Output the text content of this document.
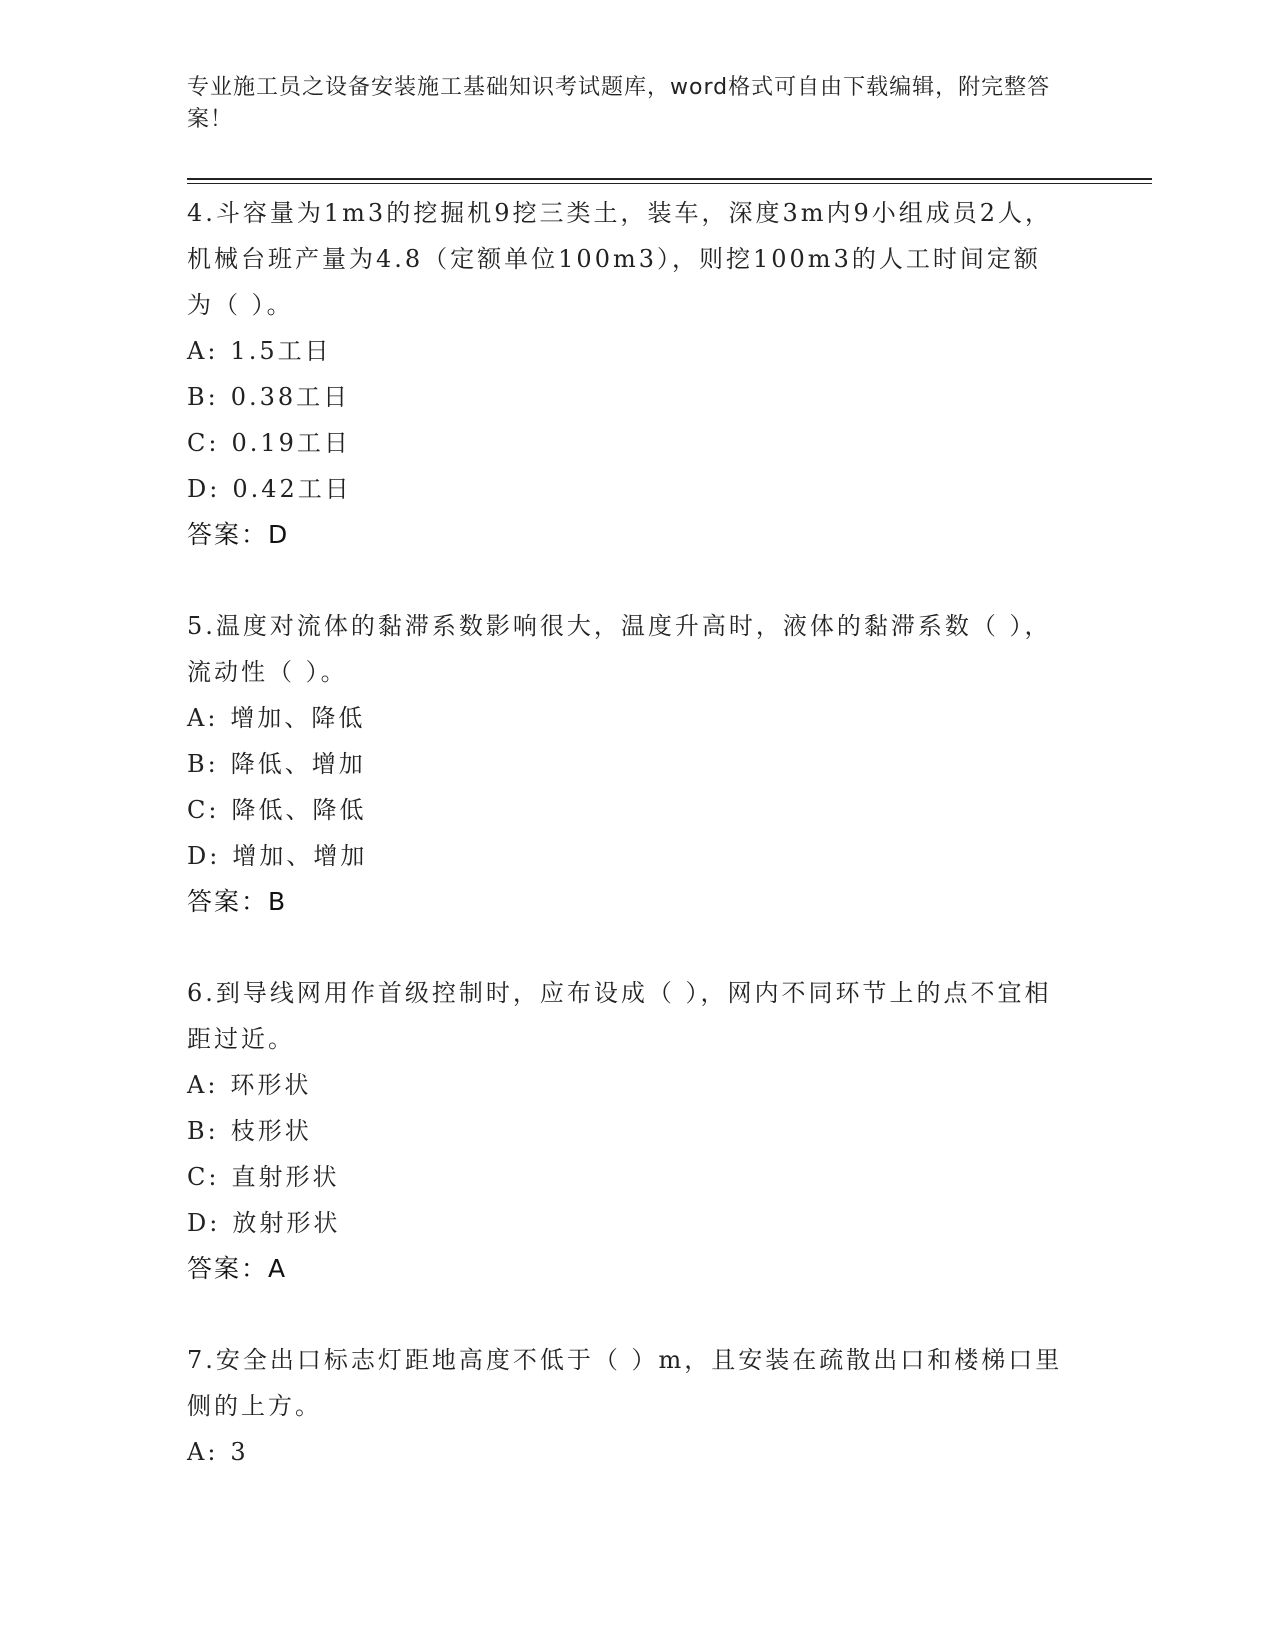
专业施工员之设备安装施工基础知识考试题库，word格式可自由下载编辑，附完整答案！
4.斗容量为1m3的挖掘机9挖三类土，装车，深度3m内9小组成员2人，机械台班产量为4.8（定额单位100m3），则挖100m3的人工时间定额为（ ）。
A: 1.5工日
B: 0.38工日
C: 0.19工日
D: 0.42工日
答案：D
5.温度对流体的黏滞系数影响很大，温度升高时，液体的黏滞系数（ ），流动性（ ）。
A: 增加、降低
B: 降低、增加
C: 降低、降低
D: 增加、增加
答案：B
6.到导线网用作首级控制时，应布设成（ ），网内不同环节上的点不宜相距过近。
A: 环形状
B: 枝形状
C: 直射形状
D: 放射形状
答案：A
7.安全出口标志灯距地高度不低于（ ）m，且安装在疏散出口和楼梯口里侧的上方。
A: 3
